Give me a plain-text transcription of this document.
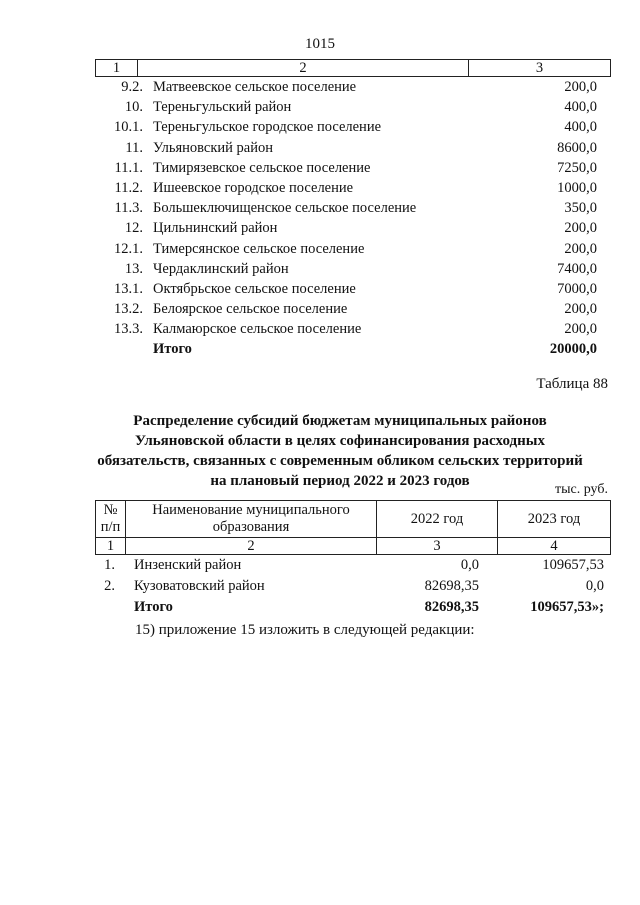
1015
1	2	3
9.2. Матвеевское сельское поселение	200,0
10. Тереньгульский район	400,0
10.1. Тереньгульское городское поселение	400,0
11. Ульяновский район	8600,0
11.1. Тимирязевское сельское поселение	7250,0
11.2. Ишеевское городское поселение	1000,0
11.3. Большеключищенское сельское поселение	350,0
12. Цильнинский район	200,0
12.1. Тимерсянское сельское поселение	200,0
13. Чердаклинский район	7400,0
13.1. Октябрьское сельское поселение	7000,0
13.2. Белоярское сельское поселение	200,0
13.3. Калмаюрское сельское поселение	200,0
Итого	20000,0
Таблица 88
Распределение субсидий бюджетам муниципальных районов
Ульяновской области в целях софинансирования расходных
обязательств, связанных с современным обликом сельских территорий
на плановый период 2022 и 2023 годов
тыс. руб.
№ п/п
Наименование муниципального образования
2022 год	2023 год
1	2	3	4
1.	Инзенский район	0,0	109657,53
2.	Кузоватовский район	82698,35	0,0
Итого	82698,35	109657,53»;
15) приложение 15 изложить в следующей редакции:
